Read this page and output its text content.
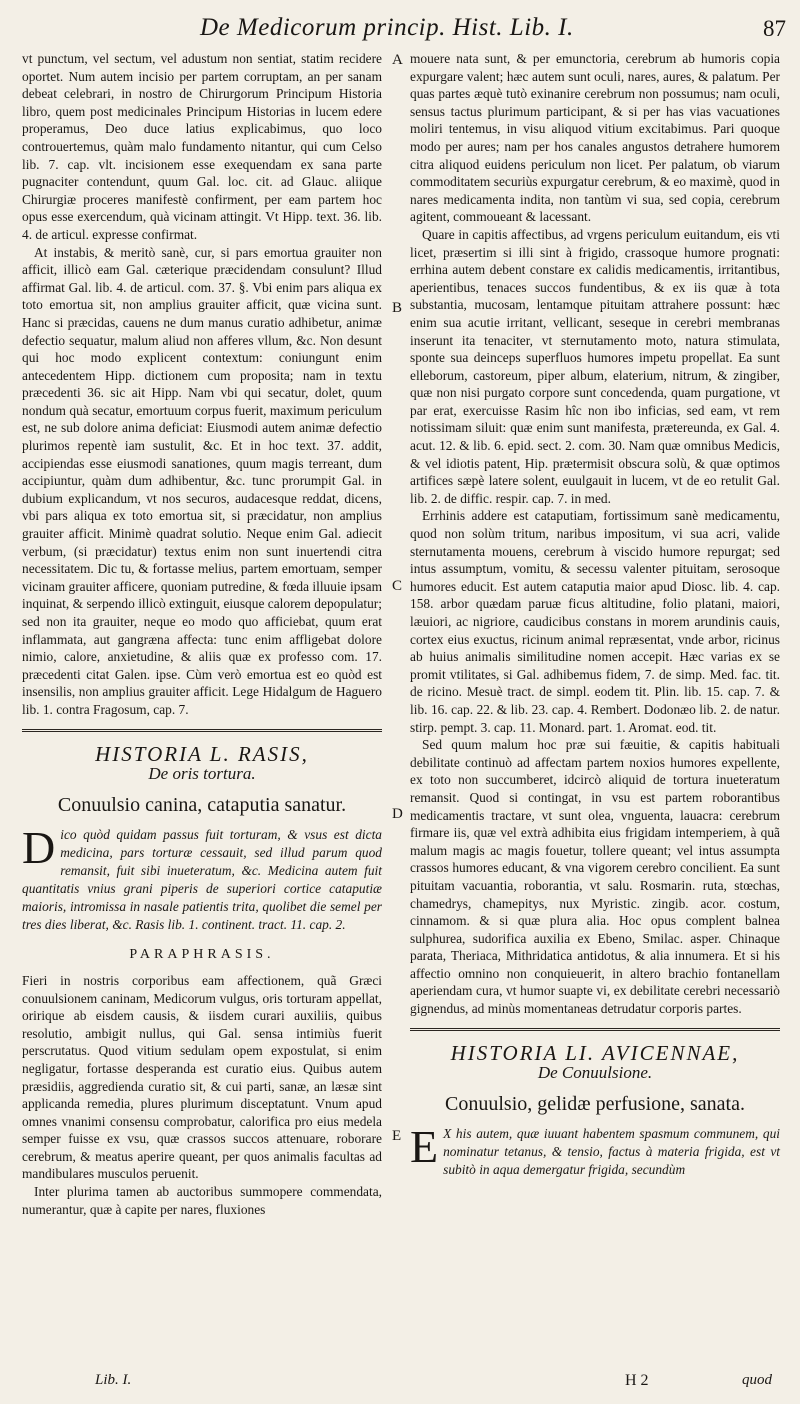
De Medicorum princip. Hist. Lib. I.	87
A
B
C
D
E

vt punctum, vel sectum, vel adustum non sentiat, statim recidere oportet. Num autem incisio per partem corruptam, an per sanam debeat celebrari, in nostro de Chirurgorum Principum Historia libro, quem post medicinales Principum Historias in lucem edere properamus, Deo duce latius explicabimus, quo loco controuertemus, quàm malo fundamento nitantur, qui cum Celso lib. 7. cap. vlt. incisionem esse exequendam ex sana parte pugnaciter contendunt, quum Gal. loc. cit. ad Glauc. aliique Chirurgiæ proceres manifestè confirment, per eam partem hoc opus esse exercendum, quà vicinam attingit. Vt Hipp. text. 36. lib. 4. de articul. expresse confirmat.

At instabis, & meritò sanè, cur, si pars emortua grauiter non afficit, illicò eam Gal. cæterique præcidendam consulunt? Illud affirmat Gal. lib. 4. de articul. com. 37. §. Vbi enim pars aliqua ex toto emortua sit, non amplius grauiter afficit, quæ vicina sunt. Hanc si præcidas, cauens ne dum manus curatio adhibetur, animæ defectio sequatur, malum aliud non afferes vllum, &c. Non desunt qui hoc modo explicent contextum: coniungunt enim antecedentem Hipp. dictionem cum proposita; nam in textu præcedenti 36. sic ait Hipp. Nam vbi qui secatur, dolet, quum nondum quà secatur, emortuum corpus fuerit, maximum periculum est, ne sub dolore anima deficiat: Eiusmodi autem animæ defectio plurimos repentè iam sustulit, &c. Et in hoc text. 37. addit, accipiendas esse eiusmodi sanationes, quum magis terreant, dum accipiuntur, quàm dum adhibentur, &c. tunc prorumpit Gal. in dubium explicandum, vt nos securos, audacesque reddat, dicens, vbi pars aliqua ex toto emortua sit, si præcidatur, non amplius grauiter afficit. Minimè quadrat solutio. Neque enim Gal. adiecit verbum, (si præcidatur) textus enim non sunt inuertendi citra necessitatem. Dic tu, & fortasse melius, partem emortuam, semper vicinam grauiter afficere, quoniam putredine, & fœda illuuie ipsam inquinat, & serpendo illicò extinguit, eiusque calorem depopulatur; sed non ita grauiter, neque eo modo quo afficiebat, quum erat inflammata, aut gangræna affecta: tunc enim affligebat dolore nimio, calore, anxietudine, & aliis quæ ex professo com. 17. præcedenti citat Galen. ipse. Cùm verò emortua est eo quòd est insensilis, non amplius grauiter afficit. Lege Hidalgum de Haguero lib. 1. contra Fragosum, cap. 7.

HISTORIA L. RASIS,
De oris tortura.
Conuulsio canina, cataputia sanatur.

Dico quòd quidam passus fuit torturam, & vsus est dicta medicina, pars torturæ cessauit, sed illud parum quod remansit, fuit sibi inueteratum, &c. Medicina autem fuit quantitatis vnius grani piperis de superiori cortice cataputiæ maioris, intromissa in nasale patientis trita, quolibet die semel per tres dies liberat, &c. Rasis lib. 1. continent. tract. 11. cap. 2.

PARAPHRASIS.

Fieri in nostris corporibus eam affectionem, quã Græci conuulsionem caninam, Medicorum vulgus, oris torturam appellat, oririque ab eisdem causis, & iisdem curari auxiliis, quibus resolutio, ambigit nullus, qui Gal. sensa intimiùs fuerit perscrutatus. Quod vitium sedulam opem expostulat, si enim negligatur, fortasse desperanda est curatio eius. Quibus autem præsidiis, aggredienda curatio sit, & cui parti, sanæ, an læsæ sint applicanda remedia, plures plurimum disceptatunt. Vnum apud omnes vnanimi consensu comprobatur, calorifica pro eius medela semper fuisse ex vsu, quæ crassos succos attenuare, roborare cerebrum, & meatus aperire queant, per quos animalis facultas ad mandibulares musculos peruenit.

Inter plurima tamen ab auctoribus summopere commendata, numerantur, quæ à capite per nares, fluxiones

Lib. I.

mouere nata sunt, & per emunctoria, cerebrum ab humoris copia expurgare valent; hæc autem sunt oculi, nares, aures, & palatum. Per quas partes æquè tutò exinanire cerebrum non possumus; nam oculi, sensus tactus plurimum participant, & si per has vias vacuationes moliri tentemus, in visu aliquod vitium excitabimus. Pari quoque modo per aures; nam per hos canales angustos detrahere humorem citra aliquod euidens periculum non licet. Per palatum, ob viarum commoditatem securiùs expurgatur cerebrum, & eo maximè, quod in nares medicamenta indita, non tantùm vi sua, sed copia, cerebrum agitent, commoueant & lacessant.

Quare in capitis affectibus, ad vrgens periculum euitandum, eis vti licet, præsertim si illi sint à frigido, crassoque humore prognati: errhina autem debent constare ex calidis medicamentis, irritantibus, aperientibus, tenaces succos fundentibus, & ex iis quæ à tota substantia, mucosam, lentamque pituitam attrahere possunt: hæc enim sua acutie irritant, vellicant, seseque in cerebri membranas inserunt ita tenaciter, vt sternutamento moto, natura stimulata, sponte sua deinceps superfluos humores impetu propellat. Ea sunt elleborum, castoreum, piper album, elaterium, nitrum, & zingiber, quæ non nisi purgato corpore sunt concedenda, quam purgatione, vt par erat, exercuisse Rasim hîc non ibo inficias, sed eam, vt rem notissimam siluit: quæ enim sunt manifesta, prætereunda, ex Gal. 4. acut. 12. & lib. 6. epid. sect. 2. com. 30. Nam quæ omnibus Medicis, & vel idiotis patent, Hip. prætermisit obscura solù, & quæ optimos artifices sæpè latere solent, euulgauit in lucem, vt de eo retulit Gal. lib. 2. de diffic. respir. cap. 7. in med.

Errhinis addere est cataputiam, fortissimum sanè medicamentu, quod non solùm tritum, naribus impositum, vi sua acri, valide sternutamenta mouens, cerebrum à viscido humore repurgat; sed intus assumptum, vomitu, & secessu valenter pituitam, serosoque humores educit. Est autem cataputia maior apud Diosc. lib. 4. cap. 158. arbor quædam paruæ ficus altitudine, folio platani, maiori, læuiori, ac nigriore, caudicibus constans in morem arundinis cauis, cortex eius exuctus, ricinum animal repræsentat, vnde arbor, ricinus ab huius animalis similitudine nomen accepit. Hæc varias ex se promit vtilitates, si Gal. adhibemus fidem, 7. de simp. Med. fac. tit. de ricino. Mesuè tract. de simpl. eodem tit. Plin. lib. 15. cap. 7. & lib. 16. cap. 22. & lib. 23. cap. 4. Rembert. Dodonæo lib. 2. de natur. stirp. pempt. 3. cap. 11. Monard. part. 1. Aromat. eod. tit.

Sed quum malum hoc præ sui fæuitie, & capitis habituali debilitate continuò ad affectam partem noxios humores expellente, ex toto non succumberet, idcircò aliquid de tortura inueteratum remansit. Quod si contingat, in vsu est partem roborantibus medicamentis tractare, vt sunt olea, vnguenta, lauacra: cerebrum firmare iis, quæ vel extrà adhibita eius frigidam intemperiem, à quã malum magis ac magis fouetur, tollere queant; vel intus assumpta crassos humores educant, & vna vigorem cerebro concilient. Ea sunt pituitam vacuantia, roborantia, vt salu. Rosmarin. ruta, stœchas, chamedrys, chamepitys, nux Myristic. zingib. acor. costum, cinnamom. & si quæ plura alia. Hoc opus complent balnea sulphurea, sudorifica auxilia ex Ebeno, Smilac. asper. Chinaque parata, Theriaca, Mithridatica antidotus, & alia innumera. Et si his affectio omnino non conquieuerit, in altero brachio fontanellam aperiendam cura, vt humor suapte vi, ex debilitate cerebri necessariò gignendus, ad minùs momentaneas detrudatur corporis partes.

HISTORIA LI. AVICENNAE,
De Conuulsione.
Conuulsio, gelidæ perfusione, sanata.

E X his autem, quæ iuuant habentem spasmum communem, qui nominatur tetanus, & tensio, factus à materia frigida, est vt subitò in aqua demergatur frigida, secundùm

H 2	quod
